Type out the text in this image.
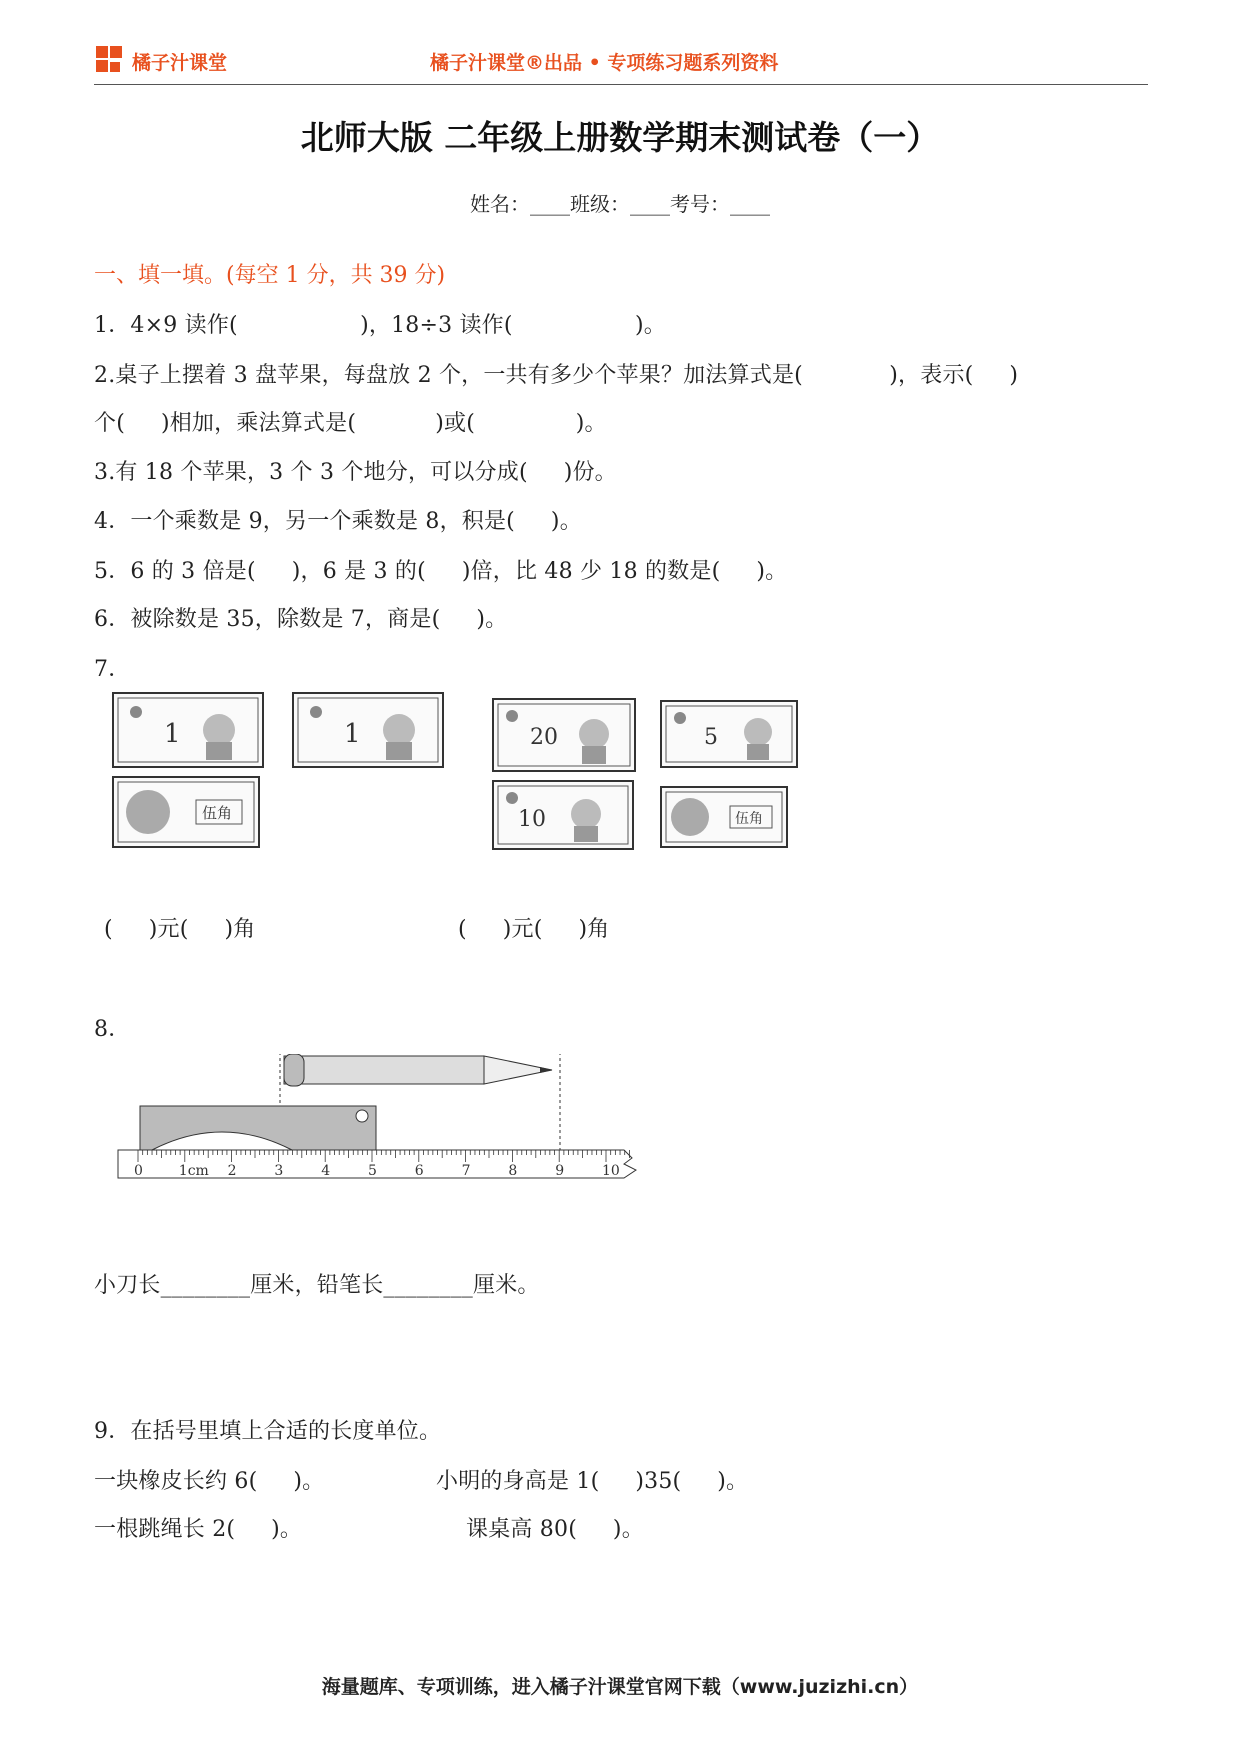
橘子汁课堂	橘子汁课堂®出品 • 专项练习题系列资料
北师大版 二年级上册数学期末测试卷（一）
姓名：____班级：____考号：____
一、填一填。(每空 1 分，共 39 分)
1．4×9 读作(                 )，18÷3 读作(                 )。
2.桌子上摆着 3 盘苹果，每盘放 2 个，一共有多少个苹果？加法算式是(            )，表示(     )
个(     )相加，乘法算式是(           )或(              )。
3.有 18 个苹果，3 个 3 个地分，可以分成(     )份。
4．一个乘数是 9，另一个乘数是 8，积是(     )。
5．6 的 3 倍是(     )，6 是 3 的(     )倍，比 48 少 18 的数是(     )。
6．被除数是 35，除数是 7，商是(     )。
7．
1	1
伍角
20	5
10	伍角
(     )元(     )角	(     )元(     )角
8．
0	1cm 2	3	4	5	6	7	8	9	10
小刀长________厘米，铅笔长________厘米。
9．在括号里填上合适的长度单位。
一块橡皮长约 6(     )。	小明的身高是 1(     )35(     )。
一根跳绳长 2(     )。	课桌高 80(     )。
海量题库、专项训练，进入橘子汁课堂官网下载（www.juzizhi.cn）
